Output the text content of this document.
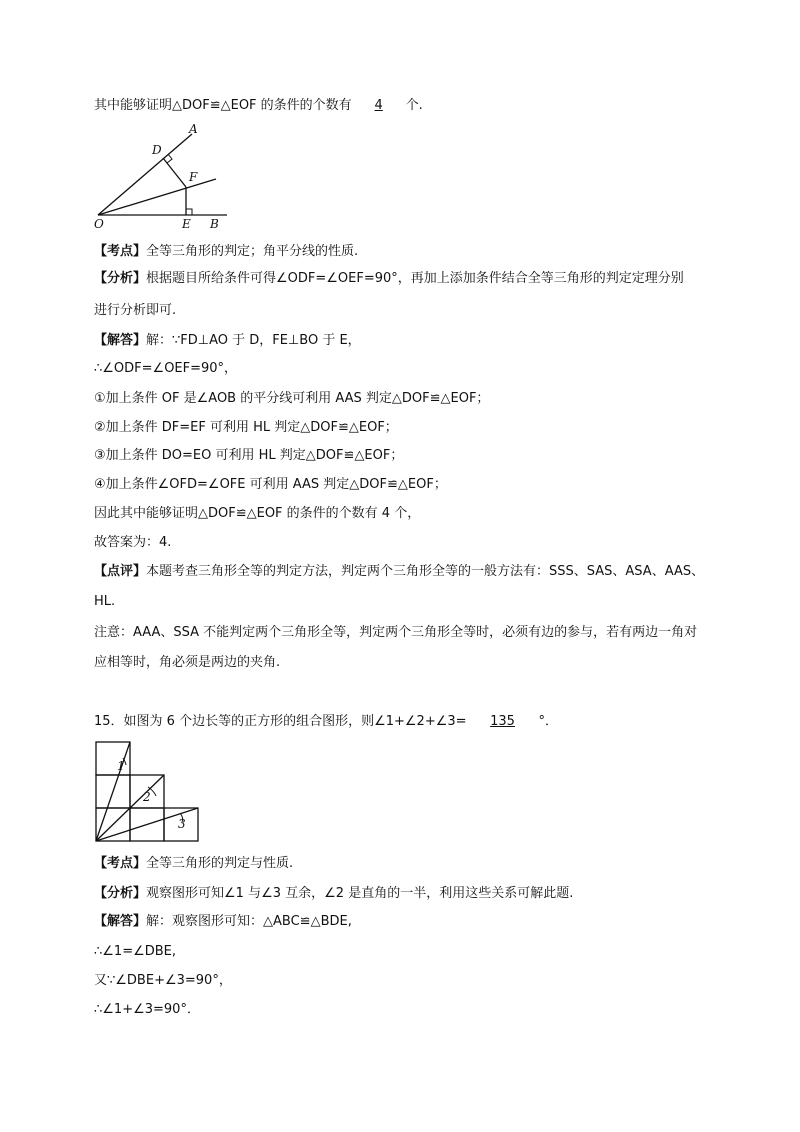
其中能够证明△DOF≌△EOF 的条件的个数有 4 个.
A
D
F
O	E B
【考点】全等三角形的判定；角平分线的性质.
【分析】根据题目所给条件可得∠ODF=∠OEF=90°，再加上添加条件结合全等三角形的判定定理分别
进行分析即可.
【解答】解：∵FD⊥AO 于 D，FE⊥BO 于 E，
∴∠ODF=∠OEF=90°，
①加上条件 OF 是∠AOB 的平分线可利用 AAS 判定△DOF≌△EOF；
②加上条件 DF=EF 可利用 HL 判定△DOF≌△EOF；
③加上条件 DO=EO 可利用 HL 判定△DOF≌△EOF；
④加上条件∠OFD=∠OFE 可利用 AAS 判定△DOF≌△EOF；
因此其中能够证明△DOF≌△EOF 的条件的个数有 4 个，
故答案为：4.
【点评】本题考查三角形全等的判定方法，判定两个三角形全等的一般方法有：SSS、SAS、ASA、AAS、
HL.
注意：AAA、SSA 不能判定两个三角形全等，判定两个三角形全等时，必须有边的参与，若有两边一角对
应相等时，角必须是两边的夹角.
15．如图为 6 个边长等的正方形的组合图形，则∠1+∠2+∠3= 135 °．
1
2
3
【考点】全等三角形的判定与性质.
【分析】观察图形可知∠1 与∠3 互余，∠2 是直角的一半，利用这些关系可解此题.
【解答】解：观察图形可知：△ABC≌△BDE,
∴∠1=∠DBE,
又∵∠DBE+∠3=90°，
∴∠1+∠3=90°．
